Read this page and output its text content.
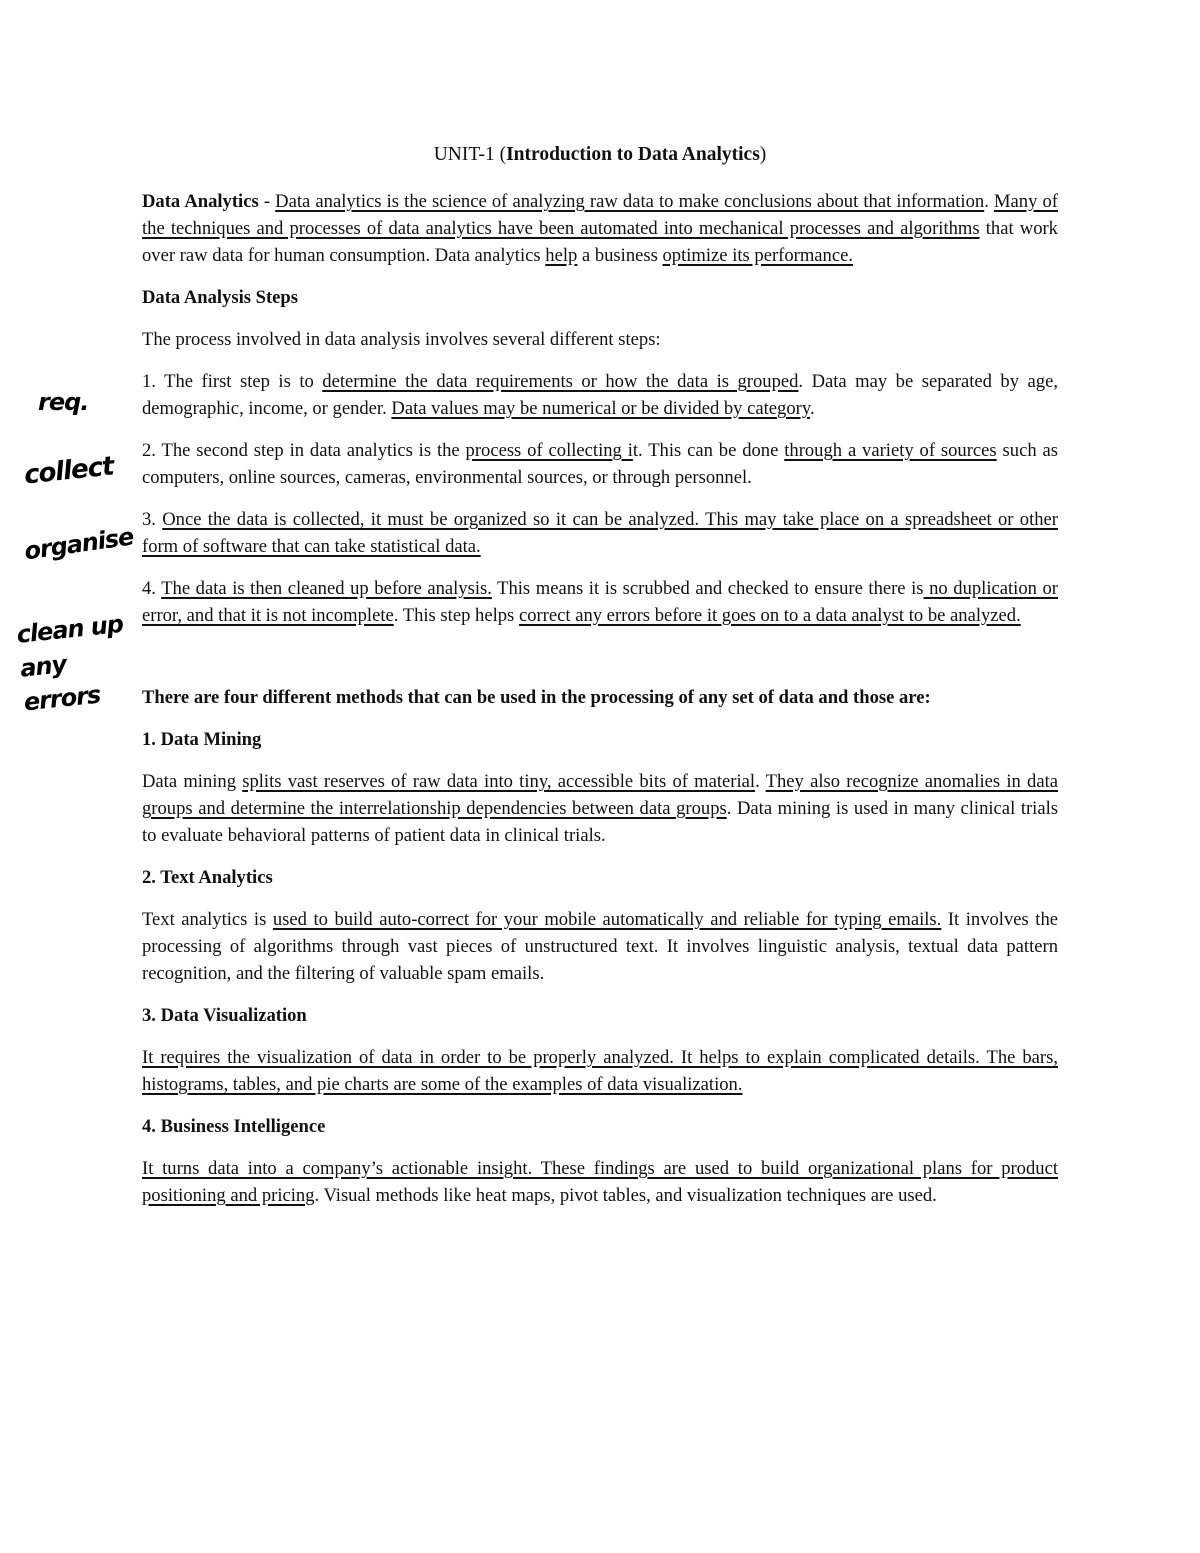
req.
collect
organise
clean up any errors
UNIT-1 (Introduction to Data Analytics)

Data Analytics - Data analytics is the science of analyzing raw data to make conclusions about that information. Many of the techniques and processes of data analytics have been automated into mechanical processes and algorithms that work over raw data for human consumption. Data analytics help a business optimize its performance.

Data Analysis Steps

The process involved in data analysis involves several different steps:

1. The first step is to determine the data requirements or how the data is grouped. Data may be separated by age, demographic, income, or gender. Data values may be numerical or be divided by category.

2. The second step in data analytics is the process of collecting it. This can be done through a variety of sources such as computers, online sources, cameras, environmental sources, or through personnel.

3. Once the data is collected, it must be organized so it can be analyzed. This may take place on a spreadsheet or other form of software that can take statistical data.

4. The data is then cleaned up before analysis. This means it is scrubbed and checked to ensure there is no duplication or error, and that it is not incomplete. This step helps correct any errors before it goes on to a data analyst to be analyzed.

There are four different methods that can be used in the processing of any set of data and those are:
1. Data Mining

Data mining splits vast reserves of raw data into tiny, accessible bits of material. They also recognize anomalies in data groups and determine the interrelationship dependencies between data groups. Data mining is used in many clinical trials to evaluate behavioral patterns of patient data in clinical trials.

2. Text Analytics

Text analytics is used to build auto-correct for your mobile automatically and reliable for typing emails. It involves the processing of algorithms through vast pieces of unstructured text. It involves linguistic analysis, textual data pattern recognition, and the filtering of valuable spam emails.

3. Data Visualization

It requires the visualization of data in order to be properly analyzed. It helps to explain complicated details. The bars, histograms, tables, and pie charts are some of the examples of data visualization.

4. Business Intelligence

It turns data into a company’s actionable insight. These findings are used to build organizational plans for product positioning and pricing. Visual methods like heat maps, pivot tables, and visualization techniques are used.
